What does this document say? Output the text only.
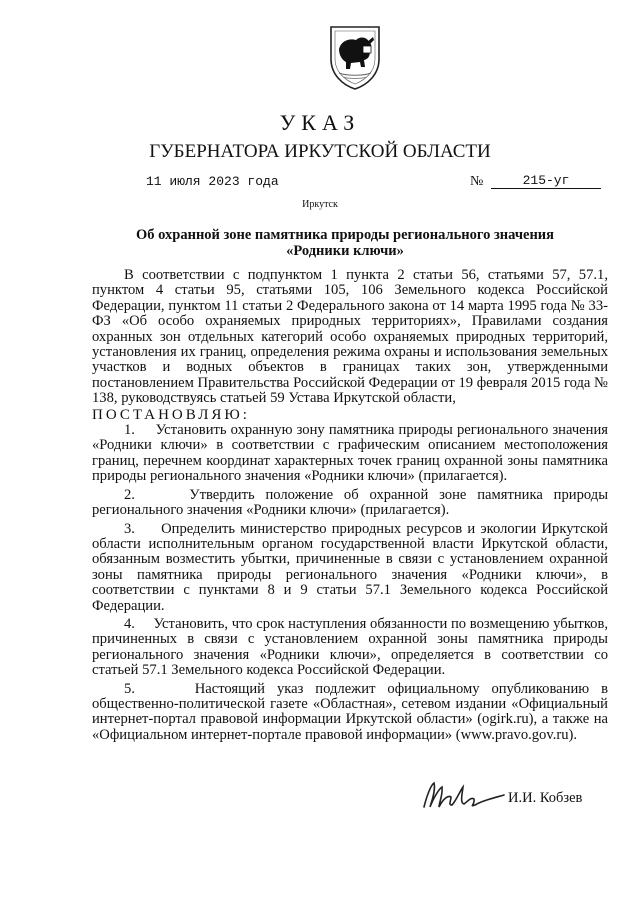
УКАЗ
ГУБЕРНАТОРА ИРКУТСКОЙ ОБЛАСТИ
11 июля 2023 года	№	215-уг
Иркутск
Об охранной зоне памятника природы регионального значения
«Родники ключи»

В соответствии с подпунктом 1 пункта 2 статьи 56, статьями 57, 57.1, пунктом 4 статьи 95, статьями 105, 106 Земельного кодекса Российской Федерации, пунктом 11 статьи 2 Федерального закона от 14 марта 1995 года № 33-ФЗ «Об особо охраняемых природных территориях», Правилами создания охранных зон отдельных категорий особо охраняемых природных территорий, установления их границ, определения режима охраны и использования земельных участков и водных объектов в границах таких зон, утвержденными постановлением Правительства Российской Федерации от 19 февраля 2015 года № 138, руководствуясь статьей 59 Устава Иркутской области,

ПОСТАНОВЛЯЮ:

1.     Установить охранную зону памятника природы регионального значения «Родники ключи» в соответствии с графическим описанием местоположения границ, перечнем координат характерных точек границ охранной зоны памятника природы регионального значения «Родники ключи» (прилагается).

2.     Утвердить положение об охранной зоне памятника природы регионального значения «Родники ключи» (прилагается).

3.     Определить министерство природных ресурсов и экологии Иркутской области исполнительным органом государственной власти Иркутской области, обязанным возместить убытки, причиненные в связи с установлением охранной зоны памятника природы регионального значения «Родники ключи», в соответствии с пунктами 8 и 9 статьи 57.1 Земельного кодекса Российской Федерации.

4.     Установить, что срок наступления обязанности по возмещению убытков, причиненных в связи с установлением охранной зоны памятника природы регионального значения «Родники ключи», определяется в соответствии со статьей 57.1 Земельного кодекса Российской Федерации.

5.     Настоящий указ подлежит официальному опубликованию в общественно-политической газете «Областная», сетевом издании «Официальный интернет-портал правовой информации Иркутской области» (ogirk.ru), а также на «Официальном интернет-портале правовой информации» (www.pravo.gov.ru).

И.И. Кобзев
